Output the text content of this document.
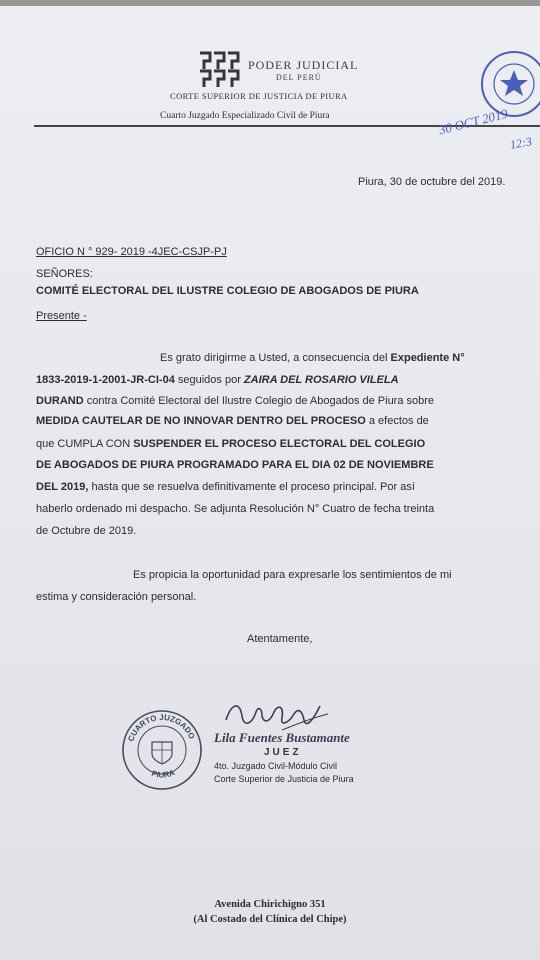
PODER JUDICIAL
DEL PERÚ
CORTE SUPERIOR DE JUSTICIA DE PIURA
Cuarto Juzgado Especializado Civil de Piura	30 OCT 2019
12:3
Piura, 30 de octubre del 2019.
OFICIO N ° 929- 2019 -4JEC-CSJP-PJ
SEÑORES:
COMITÉ ELECTORAL DEL ILUSTRE COLEGIO DE ABOGADOS DE PIURA
Presente -
Es grato dirigirme a Usted, a consecuencia del Expediente N°
1833-2019-1-2001-JR-CI-04 seguidos por ZAIRA DEL ROSARIO VILELA
DURAND contra Comité Electoral del Ilustre Colegio de Abogados de Piura sobre
MEDIDA CAUTELAR DE NO INNOVAR DENTRO DEL PROCESO a efectos de
que CUMPLA CON SUSPENDER EL PROCESO ELECTORAL DEL COLEGIO
DE ABOGADOS DE PIURA PROGRAMADO PARA EL DIA 02 DE NOVIEMBRE
DEL 2019, hasta que se resuelva definitivamente el proceso principal. Por así
haberlo ordenado mi despacho. Se adjunta Resolución N° Cuatro de fecha treinta
de Octubre de 2019.
Es propicia la oportunidad para expresarle los sentimientos de mi
estima y consideración personal.
Atentamente,
CUARTO JUZGADO
PIURA
Lila Fuentes Bustamante
JUEZ
4to. Juzgado Civil-Módulo Civil
Corte Superior de Justicia de Piura
Avenida Chirichigno 351
(Al Costado del Clínica del Chipe)
